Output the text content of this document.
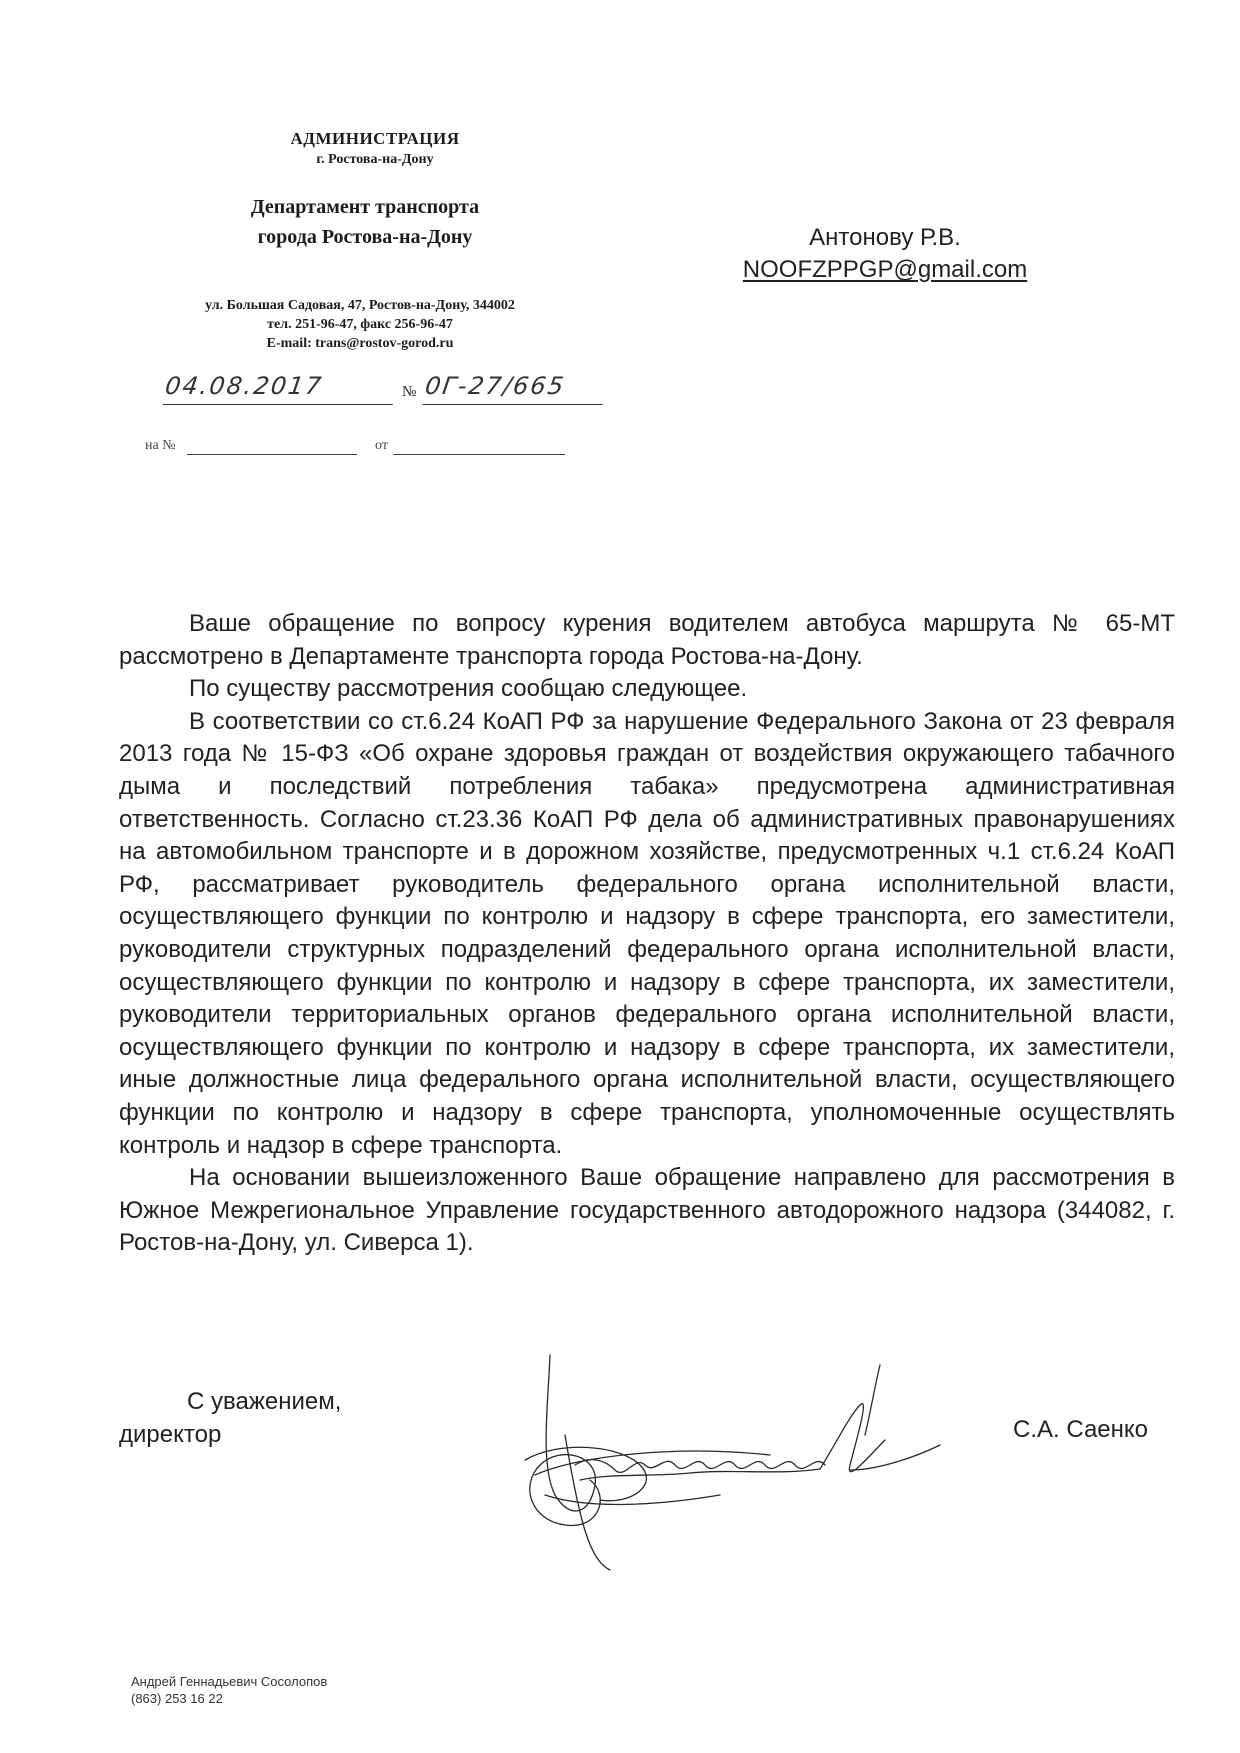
АДМИНИСТРАЦИЯ
г. Ростова-на-Дону
Департамент транспорта
города Ростова-на-Дону
ул. Большая Садовая, 47, Ростов-на-Дону, 344002
тел. 251-96-47, факс 256-96-47
E-mail: trans@rostov-gorod.ru
04.08.2017	№ 0Г-27/665
на №	от
Антонову Р.В.
NOOFZPPGP@gmail.com

Ваше обращение по вопросу курения водителем автобуса маршрута № 65-МТ рассмотрено в Департаменте транспорта города Ростова-на-Дону.

По существу рассмотрения сообщаю следующее.

В соответствии со ст.6.24 КоАП РФ за нарушение Федерального Закона от 23 февраля 2013 года № 15-ФЗ «Об охране здоровья граждан от воздействия окружающего табачного дыма и последствий потребления табака» предусмотрена административная ответственность. Согласно ст.23.36 КоАП РФ дела об административных правонарушениях на автомобильном транспорте и в дорожном хозяйстве, предусмотренных ч.1 ст.6.24 КоАП РФ, рассматривает руководитель федерального органа исполнительной власти, осуществляющего функции по контролю и надзору в сфере транспорта, его заместители, руководители структурных подразделений федерального органа исполнительной власти, осуществляющего функции по контролю и надзору в сфере транспорта, их заместители, руководители территориальных органов федерального органа исполнительной власти, осуществляющего функции по контролю и надзору в сфере транспорта, их заместители, иные должностные лица федерального органа исполнительной власти, осуществляющего функции по контролю и надзору в сфере транспорта, уполномоченные осуществлять контроль и надзор в сфере транспорта.

На основании вышеизложенного Ваше обращение направлено для рассмотрения в Южное Межрегиональное Управление государственного автодорожного надзора (344082, г. Ростов-на-Дону, ул. Сиверса 1).

С уважением,
директор	С.А. Саенко
Андрей Геннадьевич Сосолопов
(863) 253 16 22
